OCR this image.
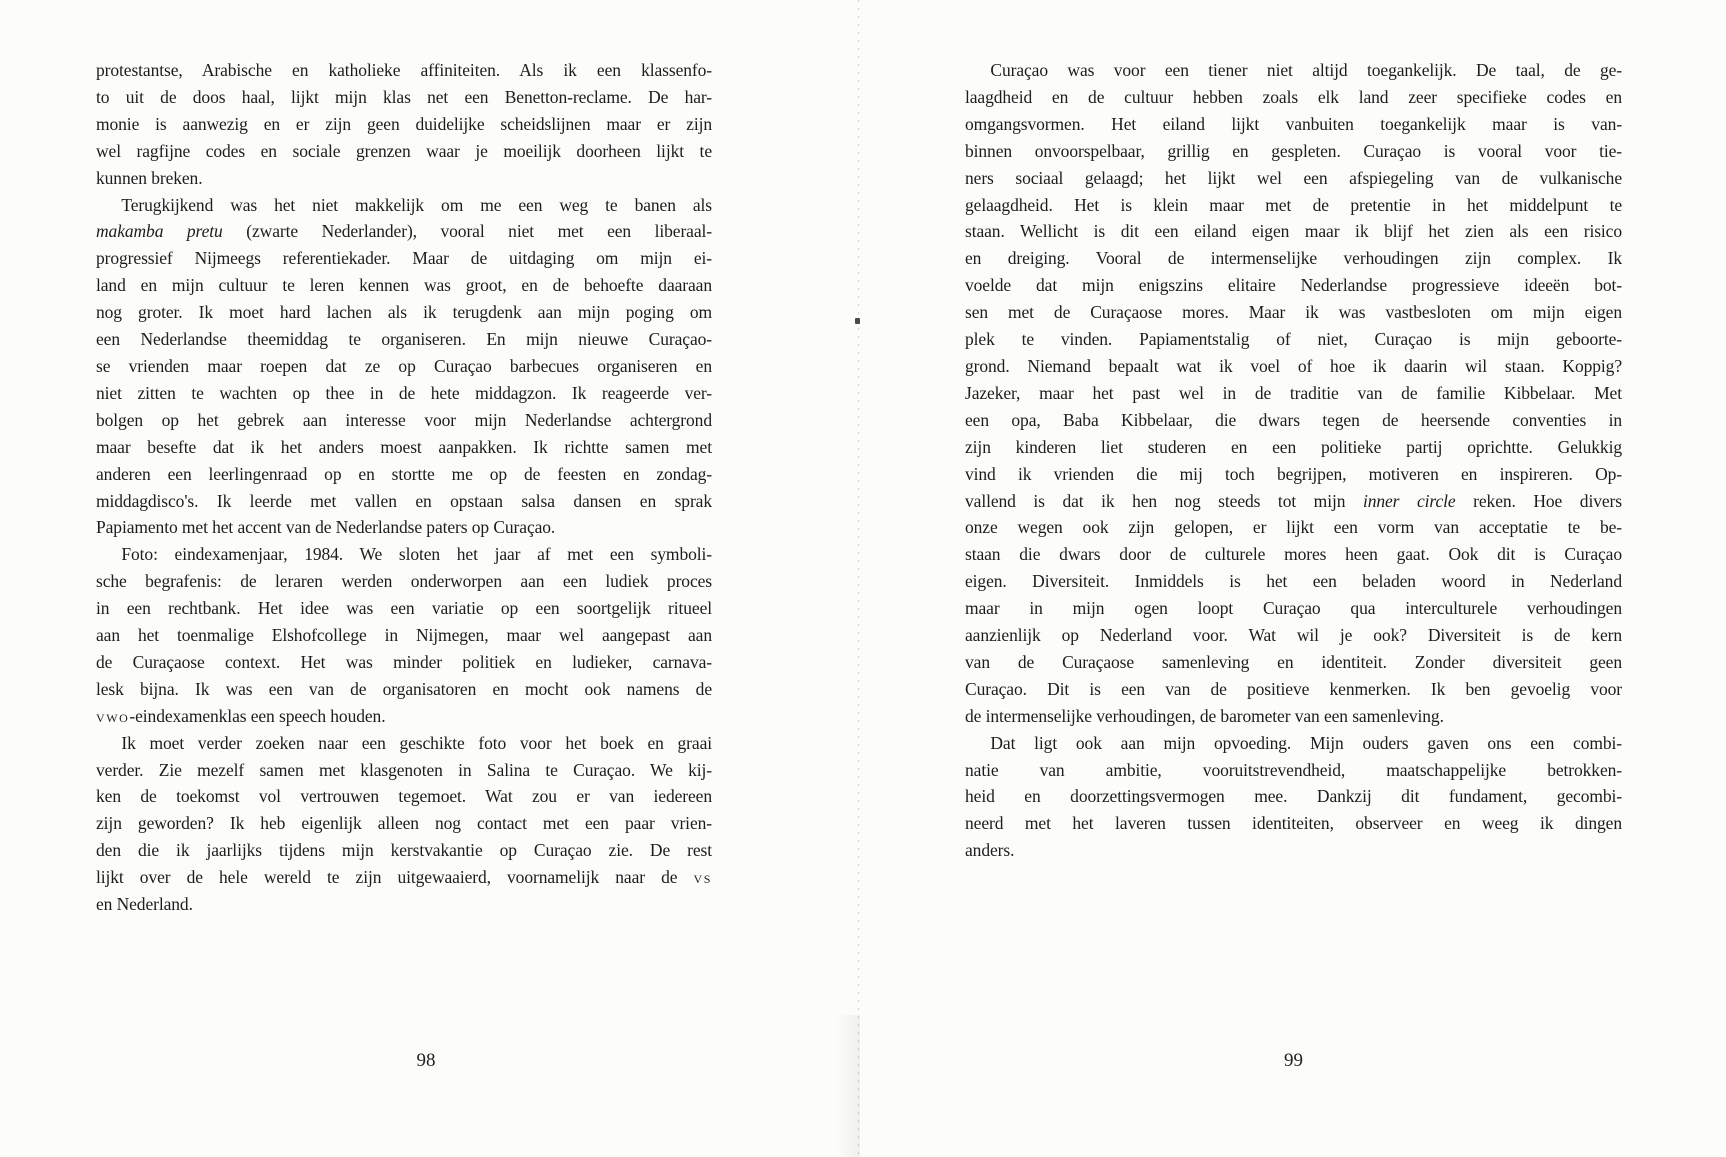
protestantse, Arabische en katholieke affiniteiten. Als ik een klassenfo-
to uit de doos haal, lijkt mijn klas net een Benetton-reclame. De har-
monie is aanwezig en er zijn geen duidelijke scheidslijnen maar er zijn
wel ragfijne codes en sociale grenzen waar je moeilijk doorheen lijkt te
kunnen breken.

Terugkijkend was het niet makkelijk om me een weg te banen als
makamba pretu (zwarte Nederlander), vooral niet met een liberaal-
progressief Nijmeegs referentiekader. Maar de uitdaging om mijn ei-
land en mijn cultuur te leren kennen was groot, en de behoefte daaraan
nog groter. Ik moet hard lachen als ik terugdenk aan mijn poging om
een Nederlandse theemiddag te organiseren. En mijn nieuwe Curaçao-
se vrienden maar roepen dat ze op Curaçao barbecues organiseren en
niet zitten te wachten op thee in de hete middagzon. Ik reageerde ver-
bolgen op het gebrek aan interesse voor mijn Nederlandse achtergrond
maar besefte dat ik het anders moest aanpakken. Ik richtte samen met
anderen een leerlingenraad op en stortte me op de feesten en zondag-
middagdisco's. Ik leerde met vallen en opstaan salsa dansen en sprak
Papiamento met het accent van de Nederlandse paters op Curaçao.

Foto: eindexamenjaar, 1984. We sloten het jaar af met een symboli-
sche begrafenis: de leraren werden onderworpen aan een ludiek proces
in een rechtbank. Het idee was een variatie op een soortgelijk ritueel
aan het toenmalige Elshofcollege in Nijmegen, maar wel aangepast aan
de Curaçaose context. Het was minder politiek en ludieker, carnava-
lesk bijna. Ik was een van de organisatoren en mocht ook namens de
vwo-eindexamenklas een speech houden.

Ik moet verder zoeken naar een geschikte foto voor het boek en graai
verder. Zie mezelf samen met klasgenoten in Salina te Curaçao. We kij-
ken de toekomst vol vertrouwen tegemoet. Wat zou er van iedereen
zijn geworden? Ik heb eigenlijk alleen nog contact met een paar vrien-
den die ik jaarlijks tijdens mijn kerstvakantie op Curaçao zie. De rest
lijkt over de hele wereld te zijn uitgewaaierd, voornamelijk naar de vs
en Nederland.

98

Curaçao was voor een tiener niet altijd toegankelijk. De taal, de ge-
laagdheid en de cultuur hebben zoals elk land zeer specifieke codes en
omgangsvormen. Het eiland lijkt vanbuiten toegankelijk maar is van-
binnen onvoorspelbaar, grillig en gespleten. Curaçao is vooral voor tie-
ners sociaal gelaagd; het lijkt wel een afspiegeling van de vulkanische
gelaagdheid. Het is klein maar met de pretentie in het middelpunt te
staan. Wellicht is dit een eiland eigen maar ik blijf het zien als een risico
en dreiging. Vooral de intermenselijke verhoudingen zijn complex. Ik
voelde dat mijn enigszins elitaire Nederlandse progressieve ideeën bot-
sen met de Curaçaose mores. Maar ik was vastbesloten om mijn eigen
plek te vinden. Papiamentstalig of niet, Curaçao is mijn geboorte-
grond. Niemand bepaalt wat ik voel of hoe ik daarin wil staan. Koppig?
Jazeker, maar het past wel in de traditie van de familie Kibbelaar. Met
een opa, Baba Kibbelaar, die dwars tegen de heersende conventies in
zijn kinderen liet studeren en een politieke partij oprichtte. Gelukkig
vind ik vrienden die mij toch begrijpen, motiveren en inspireren. Op-
vallend is dat ik hen nog steeds tot mijn inner circle reken. Hoe divers
onze wegen ook zijn gelopen, er lijkt een vorm van acceptatie te be-
staan die dwars door de culturele mores heen gaat. Ook dit is Curaçao
eigen. Diversiteit. Inmiddels is het een beladen woord in Nederland
maar in mijn ogen loopt Curaçao qua interculturele verhoudingen
aanzienlijk op Nederland voor. Wat wil je ook? Diversiteit is de kern
van de Curaçaose samenleving en identiteit. Zonder diversiteit geen
Curaçao. Dit is een van de positieve kenmerken. Ik ben gevoelig voor
de intermenselijke verhoudingen, de barometer van een samenleving.

Dat ligt ook aan mijn opvoeding. Mijn ouders gaven ons een combi-
natie van ambitie, vooruitstrevendheid, maatschappelijke betrokken-
heid en doorzettingsvermogen mee. Dankzij dit fundament, gecombi-
neerd met het laveren tussen identiteiten, observeer en weeg ik dingen
anders.

99
